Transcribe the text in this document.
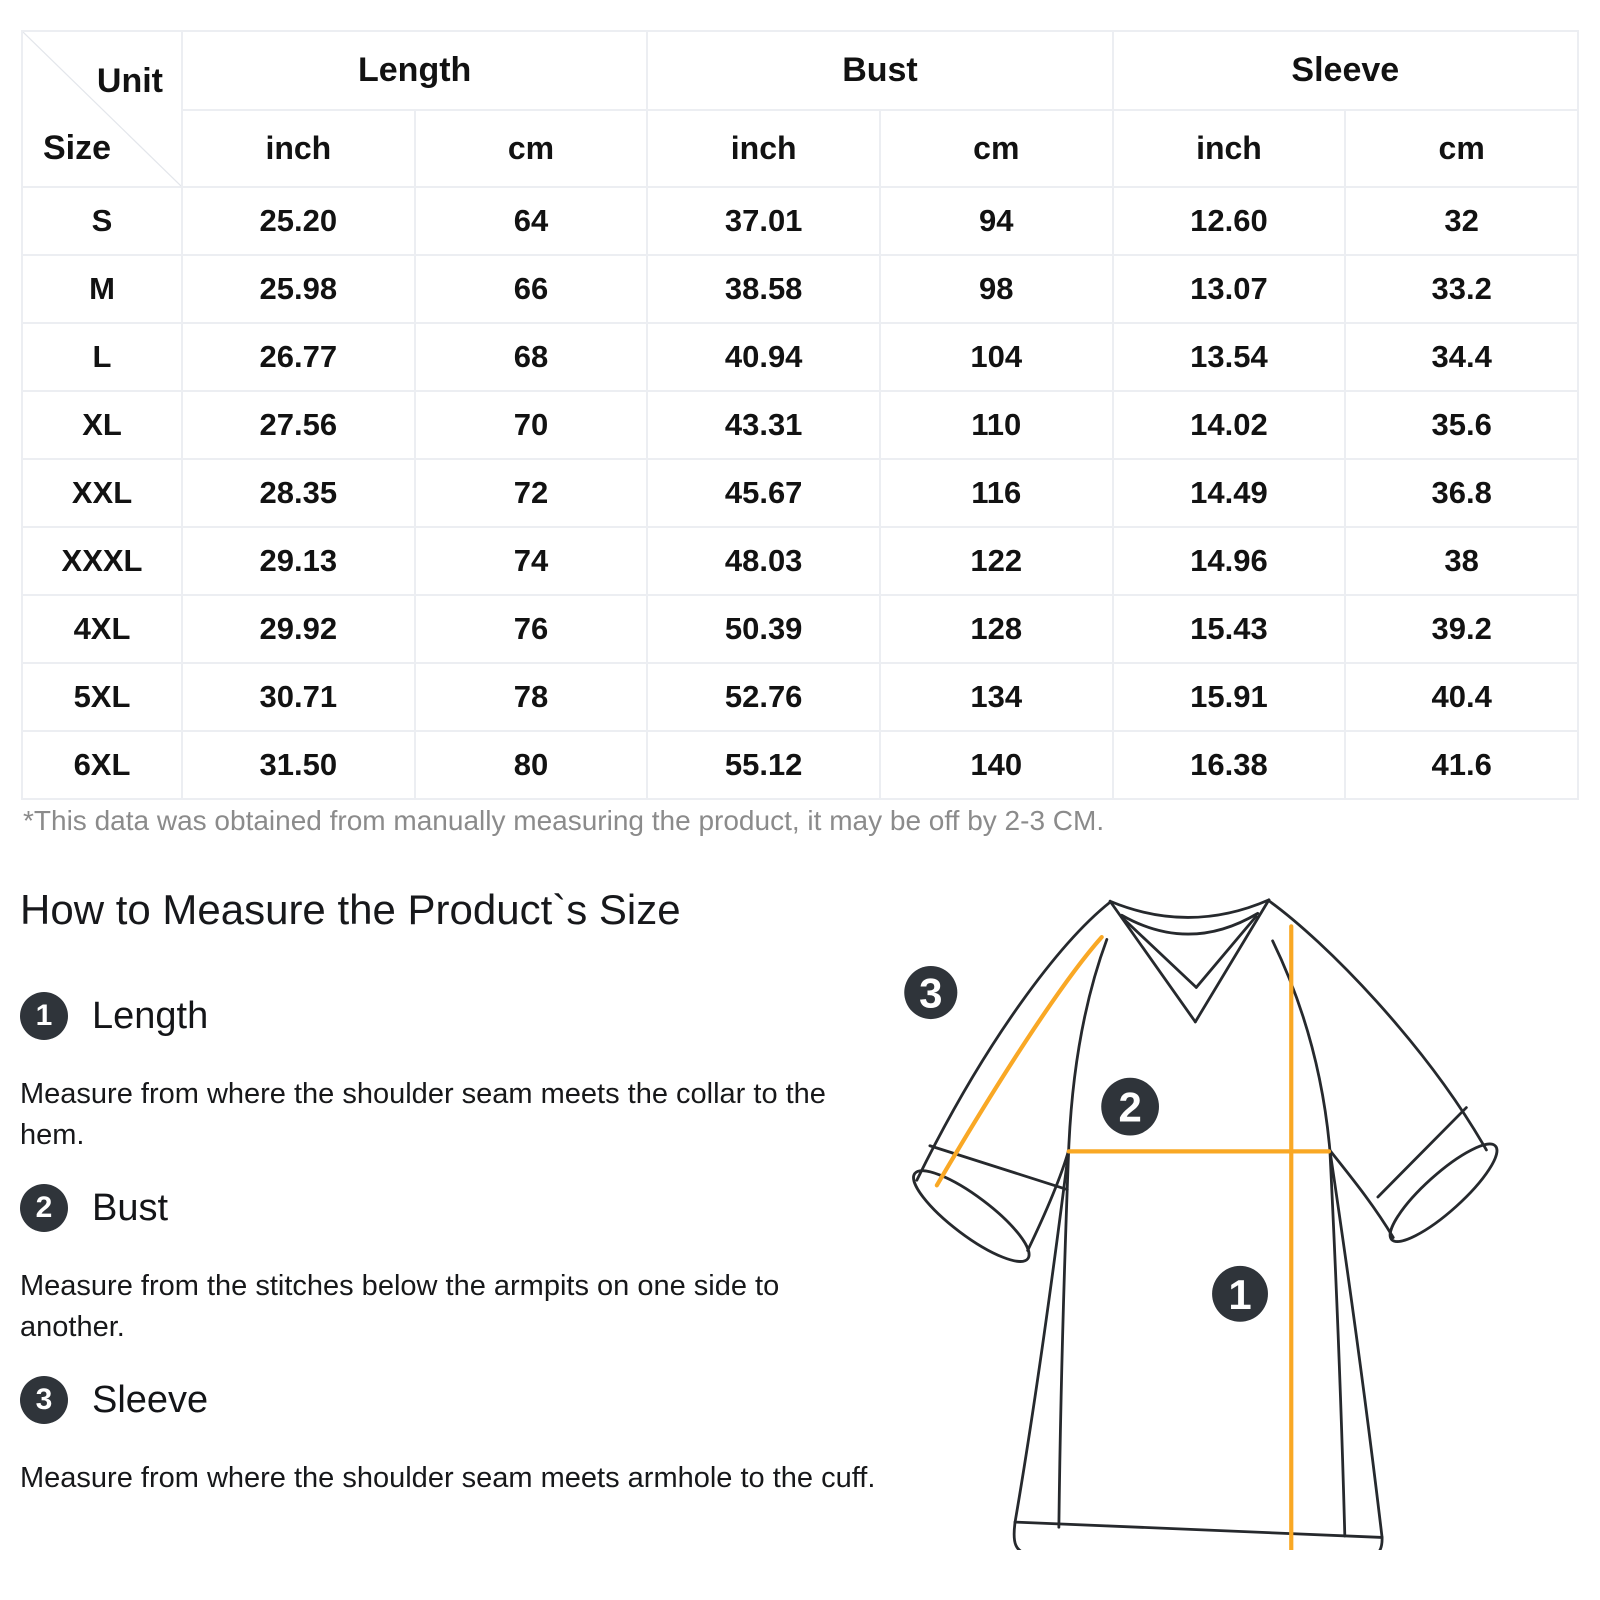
Unit
Size	Length		Bust		Sleeve	
	inch	cm	inch	cm	inch	cm
S	25.20	64	37.01	94	12.60	32
M	25.98	66	38.58	98	13.07	33.2
L	26.77	68	40.94	104	13.54	34.4
XL	27.56	70	43.31	110	14.02	35.6
XXL	28.35	72	45.67	116	14.49	36.8
XXXL	29.13	74	48.03	122	14.96	38
4XL	29.92	76	50.39	128	15.43	39.2
5XL	30.71	78	52.76	134	15.91	40.4
6XL	31.50	80	55.12	140	16.38	41.6
*This data was obtained from manually measuring the product, it may be off by 2-3 CM.
How to Measure the Product`s Size
1	Length

Measure from where the shoulder seam meets the collar to the hem.

2	Bust

Measure from the stitches below the armpits on one side to another.

3	Sleeve

Measure from where the shoulder seam meets armhole to the cuff.

3
2
1
